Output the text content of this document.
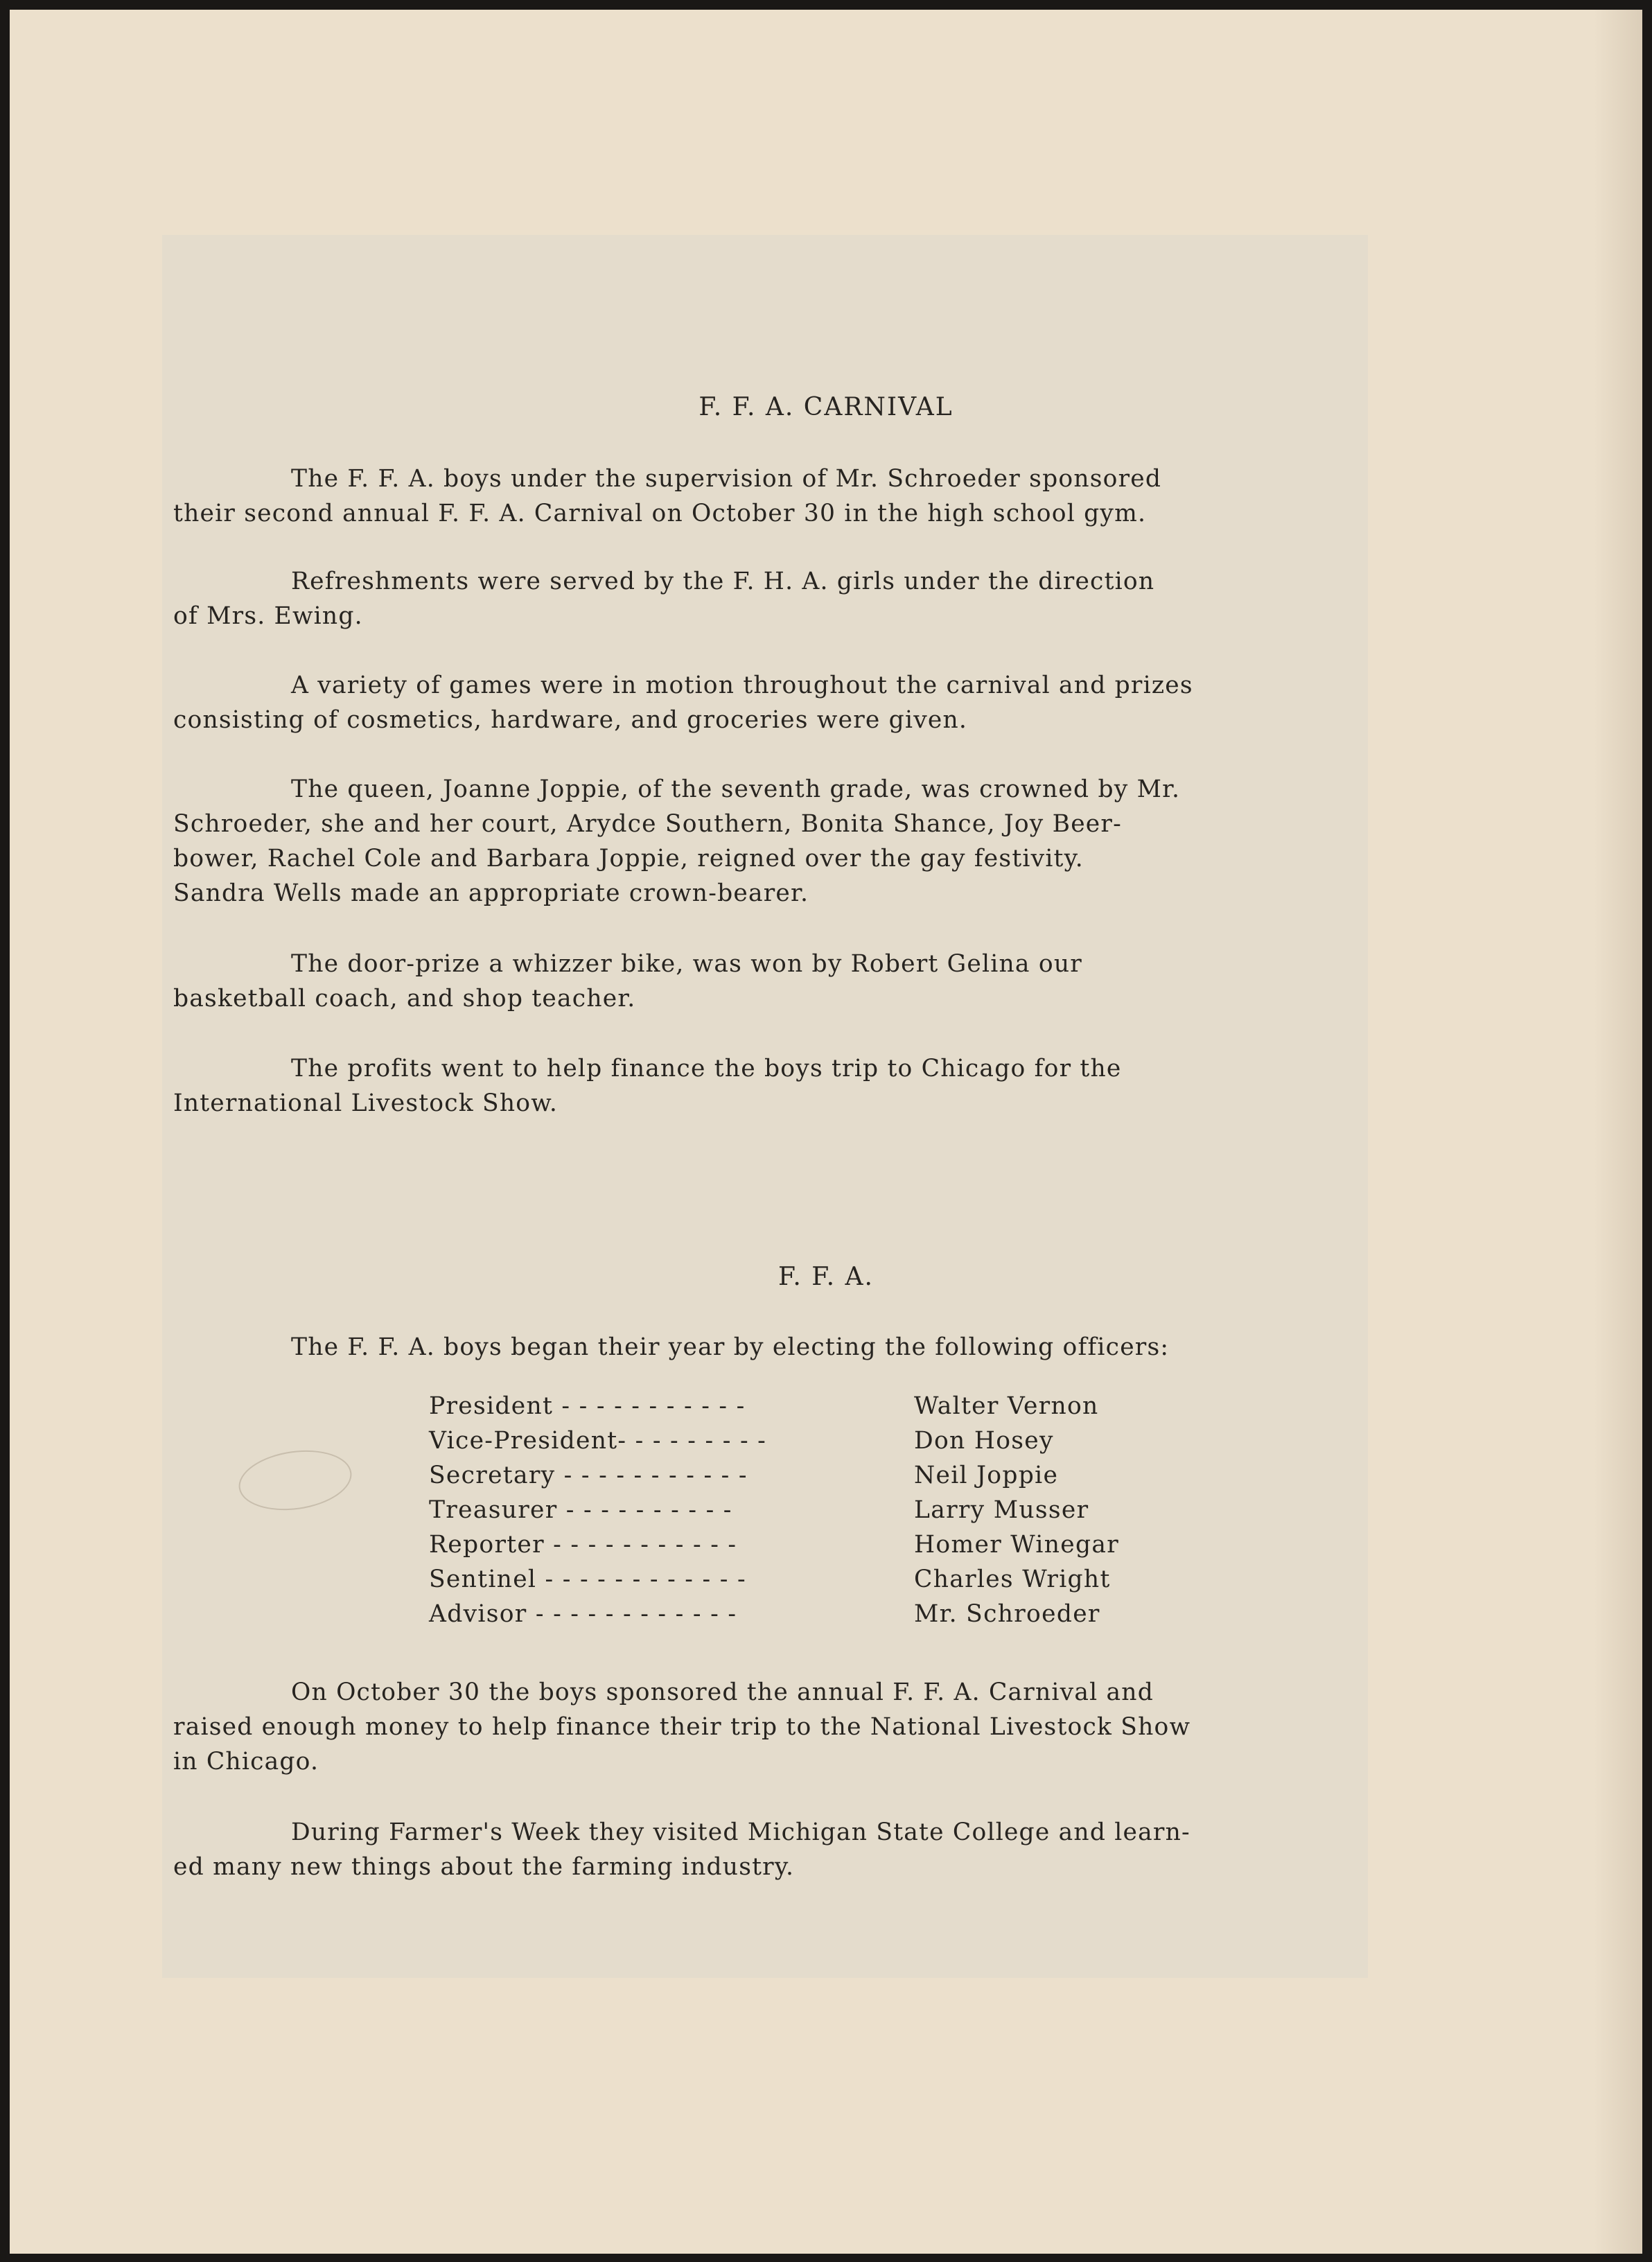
F. F. A. CARNIVAL

The F. F. A. boys under the supervision of Mr. Schroeder sponsored
their second annual F. F. A. Carnival on October 30 in the high school gym.

Refreshments were served by the F. H. A. girls under the direction
of Mrs. Ewing.

A variety of games were in motion throughout the carnival and prizes
consisting of cosmetics, hardware, and groceries were given.

The queen, Joanne Joppie, of the seventh grade, was crowned by Mr.
Schroeder, she and her court, Arydce Southern, Bonita Shance, Joy Beer-
bower, Rachel Cole and Barbara Joppie, reigned over the gay festivity.
Sandra Wells made an appropriate crown-bearer.

The door-prize a whizzer bike, was won by Robert Gelina our
basketball coach, and shop teacher.

The profits went to help finance the boys trip to Chicago for the
International Livestock Show.

F. F. A.

The F. F. A. boys began their year by electing the following officers:

President - - - - - - - - - - -	Walter Vernon
Vice-President- - - - - - - - -	Don Hosey
Secretary - - - - - - - - - - -	Neil Joppie
Treasurer - - - - - - - - - -	Larry Musser
Reporter - - - - - - - - - - -	Homer Winegar
Sentinel - - - - - - - - - - - -	Charles Wright
Advisor - - - - - - - - - - - -	Mr. Schroeder

On October 30 the boys sponsored the annual F. F. A. Carnival and
raised enough money to help finance their trip to the National Livestock Show
in Chicago.

During Farmer's Week they visited Michigan State College and learn-
ed many new things about the farming industry.
